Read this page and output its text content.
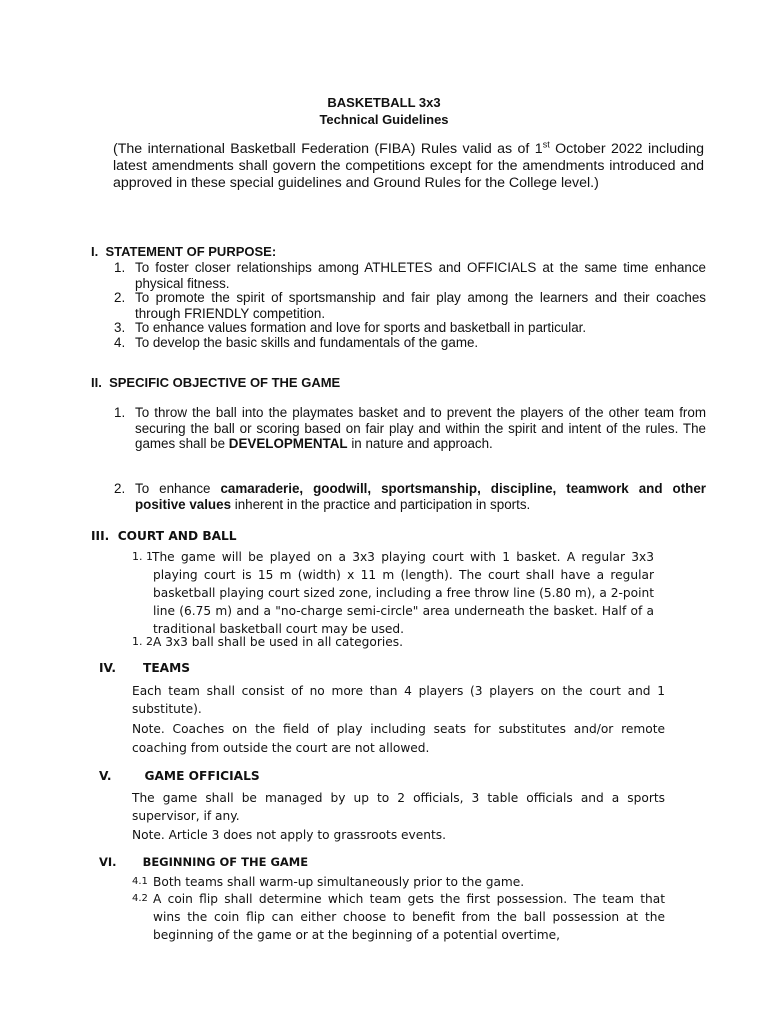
BASKETBALL 3x3
Technical Guidelines

(The international Basketball Federation (FIBA) Rules valid as of 1st October 2022 including latest amendments shall govern the competitions except for the amendments introduced and approved in these special guidelines and Ground Rules for the College level.)

I. STATEMENT OF PURPOSE:
1. To foster closer relationships among ATHLETES and OFFICIALS at the same time enhance physical fitness.
2. To promote the spirit of sportsmanship and fair play among the learners and their coaches through FRIENDLY competition.
3. To enhance values formation and love for sports and basketball in particular.
4. To develop the basic skills and fundamentals of the game.
II. SPECIFIC OBJECTIVE OF THE GAME
1. To throw the ball into the playmates basket and to prevent the players of the other team from securing the ball or scoring based on fair play and within the spirit and intent of the rules. The games shall be DEVELOPMENTAL in nature and approach.
2. To enhance camaraderie, goodwill, sportsmanship, discipline, teamwork and other positive values inherent in the practice and participation in sports.
III. COURT AND BALL
1. 1 The game will be played on a 3x3 playing court with 1 basket. A regular 3x3 playing court is 15 m (width) x 11 m (length). The court shall have a regular basketball playing court sized zone, including a free throw line (5.80 m), a 2-point line (6.75 m) and a "no-charge semi-circle" area underneath the basket. Half of a traditional basketball court may be used.
1. 2 A 3x3 ball shall be used in all categories.
IV. TEAMS
Each team shall consist of no more than 4 players (3 players on the court and 1 substitute).
Note. Coaches on the field of play including seats for substitutes and/or remote coaching from outside the court are not allowed.
V.	GAME OFFICIALS
The game shall be managed by up to 2 officials, 3 table officials and a sports supervisor, if any.
Note. Article 3 does not apply to grassroots events.
VI. BEGINNING OF THE GAME
4.1 Both teams shall warm-up simultaneously prior to the game.
4.2 A coin flip shall determine which team gets the first possession. The team that wins the coin flip can either choose to benefit from the ball possession at the beginning of the game or at the beginning of a potential overtime,
